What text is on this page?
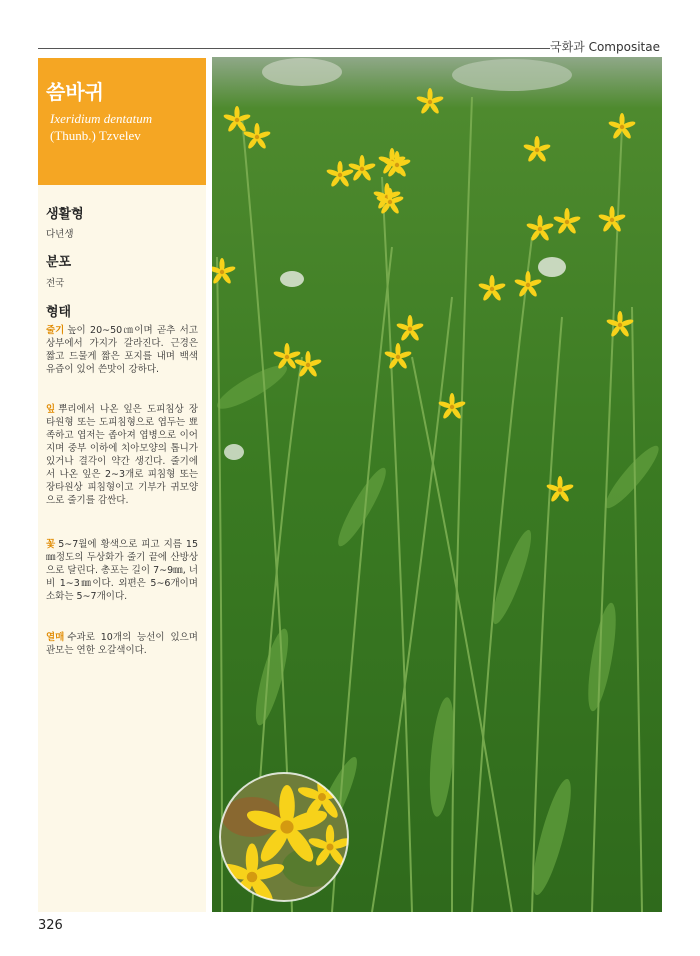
국화과 Compositae
씀바귀
Ixeridium dentatum
(Thunb.) Tzvelev
생활형
다년생
분포
전국
형태
줄기 높이 20∼50㎝이며 곧추 서고 상부에서 가지가 갈라진다. 근경은 짧고 드물게 짧은 포지를 내며 백색 유즙이 있어 쓴맛이 강하다.
잎 뿌리에서 나온 잎은 도피침상 장타원형 또는 도피침형으로 엽두는 뾰족하고 엽저는 좁아져 엽병으로 이어지며 중부 이하에 치아모양의 톱니가 있거나 결각이 약간 생긴다. 줄기에서 나온 잎은 2∼3개로 피침형 또는 장타원상 피침형이고 기부가 귀모양으로 줄기를 감싼다.
꽃 5∼7월에 황색으로 피고 지름 15㎜정도의 두상화가 줄기 끝에 산방상으로 달린다. 총포는 길이 7∼9㎜, 너비 1∼3㎜이다. 외편은 5∼6개이며 소화는 5∼7개이다.
열매 수과로 10개의 능선이 있으며 관모는 연한 오갈색이다.
326
